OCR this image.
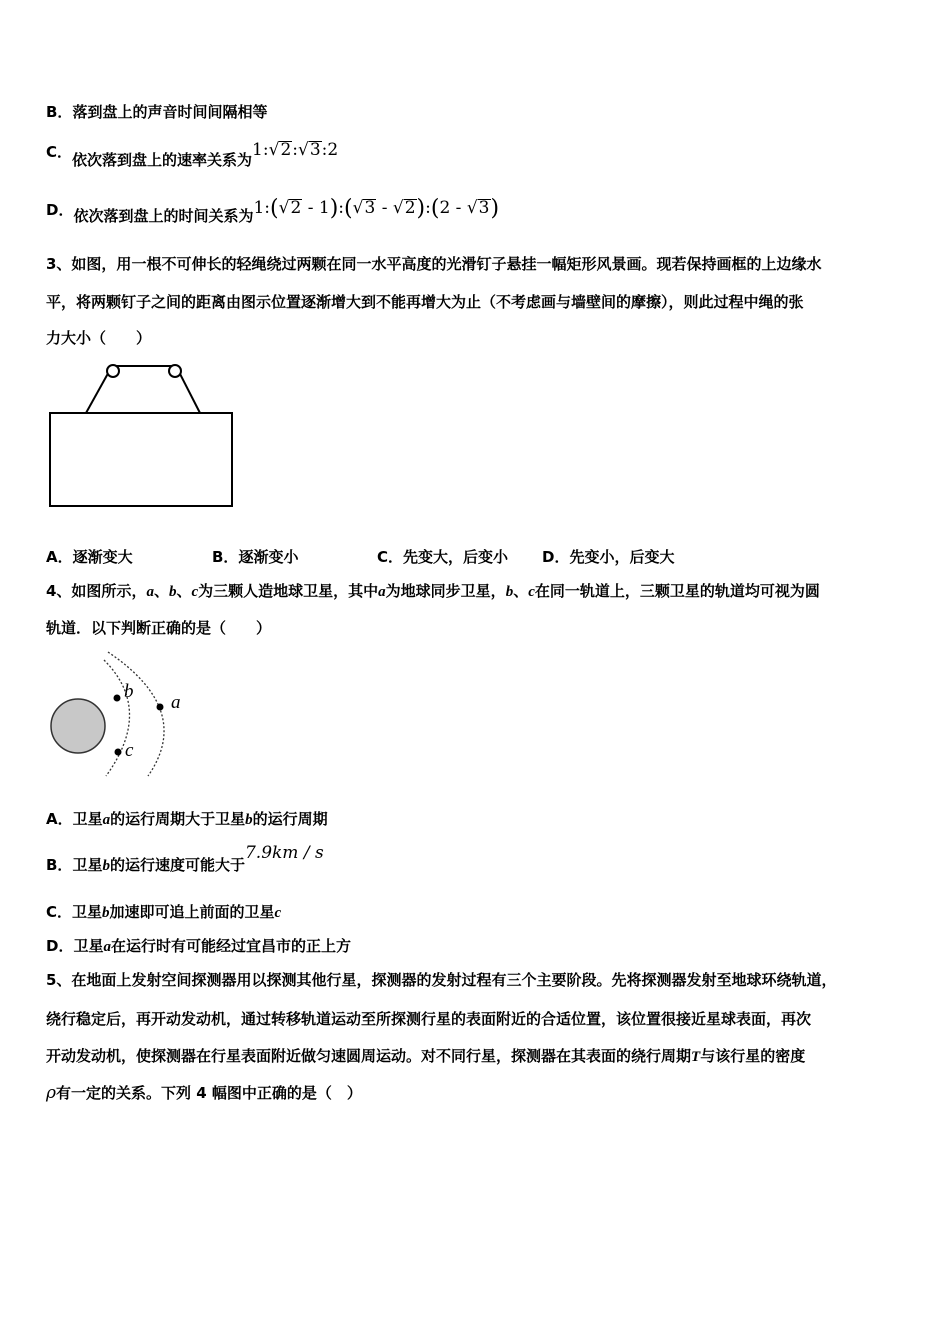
B．落到盘上的声音时间间隔相等
C．依次落到盘上的速率关系为1:√2:√3:2
D．依次落到盘上的时间关系为1:(√2 - 1):(√3 - √2):(2 - √3)
3、如图，用一根不可伸长的轻绳绕过两颗在同一水平高度的光滑钉子悬挂一幅矩形风景画。现若保持画框的上边缘水
平，将两颗钉子之间的距离由图示位置逐渐增大到不能再增大为止（不考虑画与墙壁间的摩擦），则此过程中绳的张
力大小（　　）
A．逐渐变大	B．逐渐变小	C．先变大，后变小 D．先变小，后变大
4、如图所示，a、b、c为三颗人造地球卫星，其中a为地球同步卫星，b、c在同一轨道上，三颗卫星的轨道均可视为圆
轨道．以下判断正确的是（　　）
b
c
a
A．卫星a的运行周期大于卫星b的运行周期
B．卫星b的运行速度可能大于7.9km / s
C．卫星b加速即可追上前面的卫星c
D．卫星a在运行时有可能经过宜昌市的正上方
5、在地面上发射空间探测器用以探测其他行星，探测器的发射过程有三个主要阶段。先将探测器发射至地球环绕轨道，
绕行稳定后，再开动发动机，通过转移轨道运动至所探测行星的表面附近的合适位置，该位置很接近星球表面，再次
开动发动机，使探测器在行星表面附近做匀速圆周运动。对不同行星，探测器在其表面的绕行周期T与该行星的密度
ρ有一定的关系。下列 4 幅图中正确的是（　）
